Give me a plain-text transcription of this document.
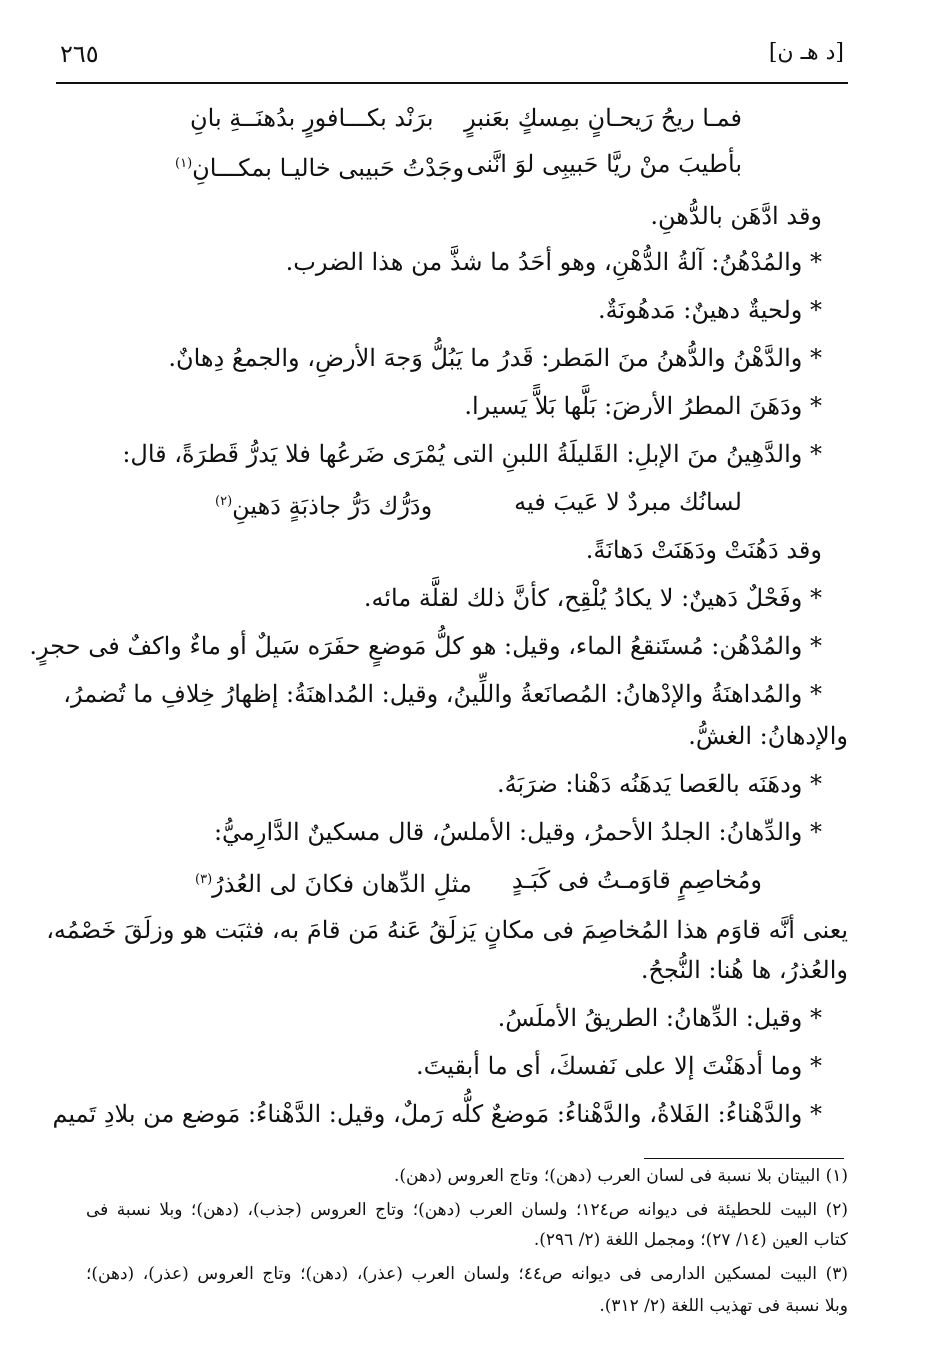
[د هـ ن]
٢٦٥
فمـا ريحُ رَيحـانٍ بمِسكٍ بعَنبرٍ
برَنْد بكـــافورٍ بدُهنَــةِ بانِ
بأطيبَ منْ ريَّا حَبيبِى لوَ انَّنى
وجَدْتُ حَبيبى خاليـا بمكـــانِ$^{(١)}$
وقد ادَّهَن بالدُّهنِ.
* والمُدْهُنُ: آلةُ الدُّهْنِ، وهو أحَدُ ما شذَّ من هذا الضرب.
* ولحيةٌ دهينٌ: مَدهُونَةٌ.
* والدَّهْنُ والدُّهنُ منَ المَطر: قَدرُ ما يَبُلُّ وَجهَ الأرضِ، والجمعُ دِهانٌ.
* ودَهَنَ المطرُ الأرضَ: بَلَّها بَلاًّ يَسيرا.
* والدَّهِينُ منَ الإبلِ: القَليلَةُ اللبنِ التى يُمْرَى ضَرعُها فلا يَدرُّ قَطرَةً، قال:
لسانُك مبردٌ لا عَيبَ فيه
ودَرُّك دَرُّ جاذبَةٍ دَهينِ$^{(٢)}$
وقد دَهُنَتْ ودَهَنَتْ دَهانَةً.
* وفَحْلٌ دَهينٌ: لا يكادُ يُلْقِح، كأنَّ ذلك لقلَّة مائه.
* والمُدْهُن: مُستَنقعُ الماء، وقيل: هو كلُّ مَوضعٍ حفَرَه سَيلٌ أو ماءٌ واكفٌ فى حجرٍ.
* والمُداهنَةُ والإدْهانُ: المُصانَعةُ واللِّينُ، وقيل: المُداهنَةُ: إظهارُ خِلافِ ما تُضمرُ،
والإدهانُ: الغشُّ.
* ودهَنَه بالعَصا يَدهَنُه دَهْنا: ضرَبَهُ.
* والدِّهانُ: الجلدُ الأحمرُ، وقيل: الأملسُ، قال مسكينٌ الدَّارِميُّ:
ومُخاصِمٍ قاوَمـتُ فى كَبَـدٍ
مثلِ الدِّهان فكانَ لى العُذرُ$^{(٣)}$
يعنى أنَّه قاوَم هذا المُخاصِمَ فى مكانٍ يَزلَقُ عَنهُ مَن قامَ به، فثبَت هو وزلَقَ خَصْمُه،
والعُذرُ، ها هُنا: النُّجحُ.
* وقيل: الدِّهانُ: الطريقُ الأملَسُ.
* وما أدهَنْتَ إلا على نَفسكَ، أى ما أبقيتَ.
* والدَّهْناءُ: الفَلاةُ، والدَّهْناءُ: مَوضعٌ كلُّه رَملٌ، وقيل: الدَّهْناءُ: مَوضع من بلادِ تَميم
(١) البيتان بلا نسبة فى لسان العرب (دهن)؛ وتاج العروس (دهن).
(٢) البيت للحطيئة فى ديوانه ص١٢٤؛ ولسان العرب (دهن)؛ وتاج العروس (جذب)، (دهن)؛ وبلا نسبة فى
كتاب العين (١٤/ ٢٧)؛ ومجمل اللغة (٢/ ٢٩٦).
(٣) البيت لمسكين الدارمى فى ديوانه ص٤٤؛ ولسان العرب (عذر)، (دهن)؛ وتاج العروس (عذر)، (دهن)؛
وبلا نسبة فى تهذيب اللغة (٢/ ٣١٢).
